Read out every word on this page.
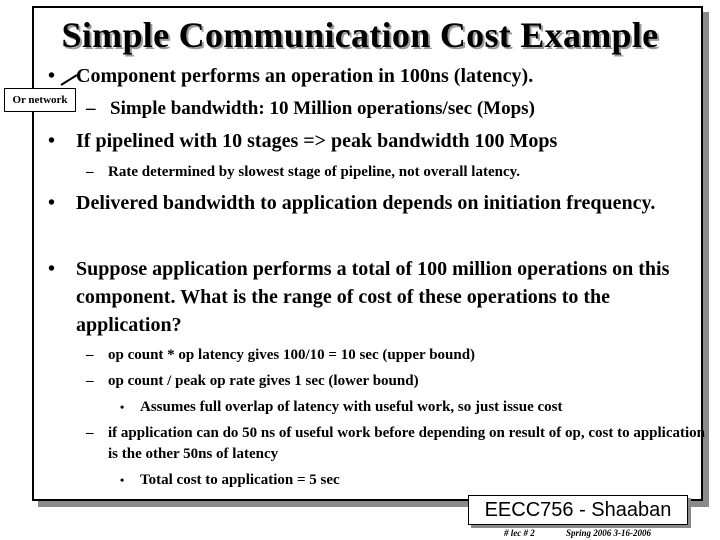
Simple Communication Cost Example
Or network
• Component performs an operation in 100ns (latency).
– Simple bandwidth: 10 Million operations/sec (Mops)
• If pipelined with 10 stages => peak bandwidth 100 Mops
– Rate determined by slowest stage of pipeline, not overall latency.
• Delivered bandwidth to application depends on initiation frequency.
• Suppose application performs a total of 100 million operations on this component. What is the range of cost of these operations to the application?
– op count * op latency gives 100/10 = 10 sec (upper bound)
– op count / peak op rate gives 1 sec (lower bound)
• Assumes full overlap of latency with useful work, so just issue cost
– if application can do 50 ns of useful work before depending on result of op, cost to application is the other 50ns of latency
• Total cost to application = 5 sec
EECC756 - Shaaban
# lec # 2	Spring 2006 3-16-2006
